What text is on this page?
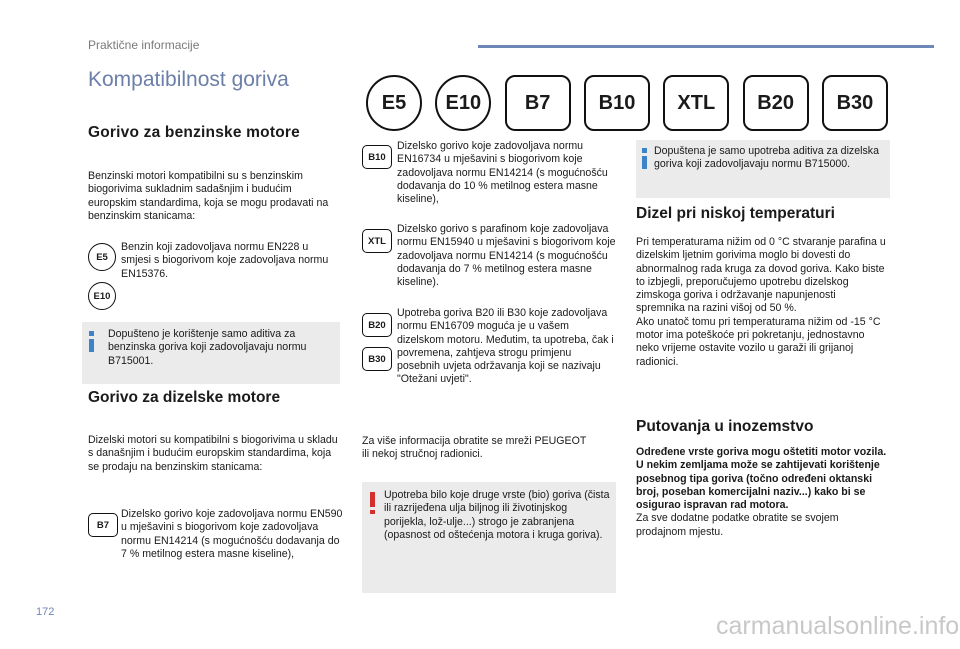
Praktične informacije
Kompatibilnost goriva
E5	E10	B7	B10	XTL	B20	B30
Gorivo za benzinske motore
Benzinski motori kompatibilni su s benzinskim biogorivima sukladnim sadašnjim i budućim europskim standardima, koja se mogu prodavati na benzinskim stanicama:
E5
E10
Benzin koji zadovoljava normu EN228 u smjesi s biogorivom koje zadovoljava normu EN15376.
Dopušteno je korištenje samo aditiva za benzinska goriva koji zadovoljavaju normu B715001.
Gorivo za dizelske motore
Dizelski motori su kompatibilni s biogorivima u skladu s današnjim i budućim europskim standardima, koja se prodaju na benzinskim stanicama:
B7
Dizelsko gorivo koje zadovoljava normu EN590 u mješavini s biogorivom koje zadovoljava normu EN14214 (s mogućnošću dodavanja do 7 % metilnog estera masne kiseline),
B10
Dizelsko gorivo koje zadovoljava normu EN16734 u mješavini s biogorivom koje zadovoljava normu EN14214 (s mogućnošću dodavanja do 10 % metilnog estera masne kiseline),
XTL
Dizelsko gorivo s parafinom koje zadovoljava normu EN15940 u mješavini s biogorivom koje zadovoljava normu EN14214 (s mogućnošću dodavanja do 7 % metilnog estera masne kiseline).
B20
B30
Upotreba goriva B20 ili B30 koje zadovoljava normu EN16709 moguća je u vašem dizelskom motoru. Međutim, ta upotreba, čak i povremena, zahtjeva strogu primjenu posebnih uvjeta održavanja koji se nazivaju "Otežani uvjeti".
Za više informacija obratite se mreži PEUGEOT ili nekoj stručnoj radionici.
Upotreba bilo koje druge vrste (bio) goriva (čista ili razrijeđena ulja biljnog ili životinjskog porijekla, lož-ulje...) strogo je zabranjena (opasnost od oštećenja motora i kruga goriva).
Dopuštena je samo upotreba aditiva za dizelska goriva koji zadovoljavaju normu B715000.
Dizel pri niskoj temperaturi
Pri temperaturama nižim od 0 °C stvaranje parafina u dizelskim ljetnim gorivima moglo bi dovesti do abnormalnog rada kruga za dovod goriva. Kako biste to izbjegli, preporučujemo upotrebu dizelskog zimskoga goriva i održavanje napunjenosti spremnika na razini višoj od 50 %.
Ako unatoč tomu pri temperaturama nižim od -15 °C motor ima poteškoće pri pokretanju, jednostavno neko vrijeme ostavite vozilo u garaži ili grijanoj radionici.
Putovanja u inozemstvo
Određene vrste goriva mogu oštetiti motor vozila. U nekim zemljama može se zahtijevati korištenje posebnog tipa goriva (točno određeni oktanski broj, poseban komercijalni naziv...) kako bi se osigurao ispravan rad motora.
Za sve dodatne podatke obratite se svojem prodajnom mjestu.
172	carmanualsonline.info
